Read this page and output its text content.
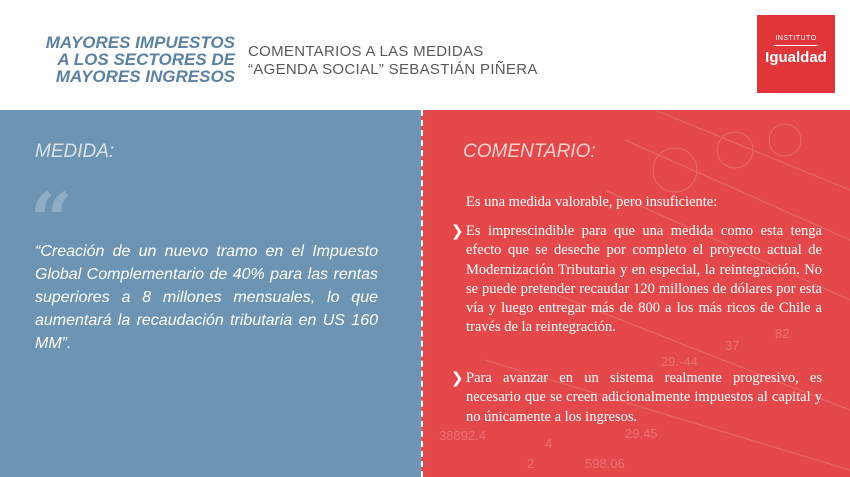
MAYORES IMPUESTOS
A LOS SECTORES DE
MAYORES INGRESOS
COMENTARIOS A LAS MEDIDAS
“AGENDA SOCIAL” SEBASTIÁN PIÑERA
INSTITUTO
Igualdad
MEDIDA:
“
“Creación de un nuevo tramo en el Impuesto Global Complementario de 40% para las rentas superiores a 8 millones mensuales, lo que aumentará la recaudación tributaria en US 160 MM”.
38892.4
4
598.06
2
29.45
29.-44
37
82
COMENTARIO:
Es una medida valorable, pero insuficiente:
❯ Es imprescindible para que una medida como esta tenga efecto que se deseche por completo el proyecto actual de Modernización Tributaria y en especial, la reintegración. No se puede pretender recaudar 120 millones de dólares por esta vía y luego entregar más de 800 a los más ricos de Chile a través de la reintegración.
❯ Para avanzar en un sistema realmente progresivo, es necesario que se creen adicionalmente impuestos al capital y no únicamente a los ingresos.
